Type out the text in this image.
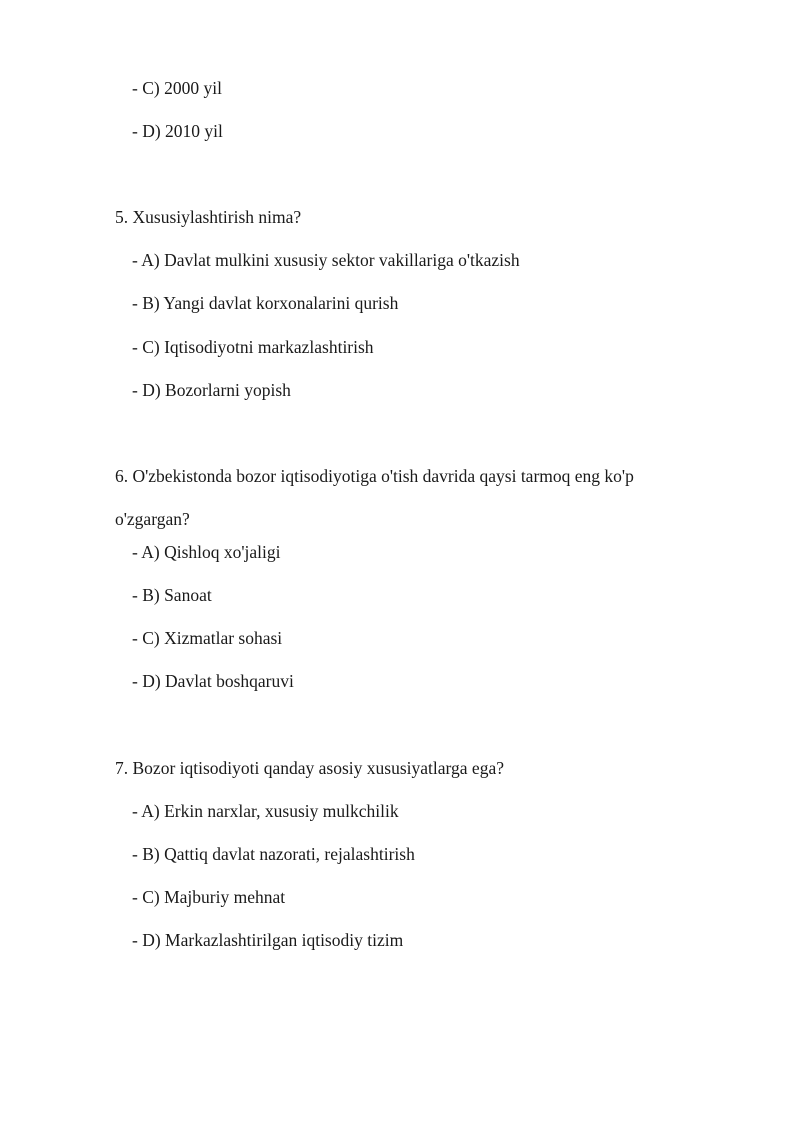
- C) 2000 yil
- D) 2010 yil
5. Xususiylashtirish nima?
- A) Davlat mulkini xususiy sektor vakillariga o'tkazish
- B) Yangi davlat korxonalarini qurish
- C) Iqtisodiyotni markazlashtirish
- D) Bozorlarni yopish
6. O'zbekistonda bozor iqtisodiyotiga o'tish davrida qaysi tarmoq eng ko'p o'zgargan?
- A) Qishloq xo'jaligi
- B) Sanoat
- C) Xizmatlar sohasi
- D) Davlat boshqaruvi
7. Bozor iqtisodiyoti qanday asosiy xususiyatlarga ega?
- A) Erkin narxlar, xususiy mulkchilik
- B) Qattiq davlat nazorati, rejalashtirish
- C) Majburiy mehnat
- D) Markazlashtirilgan iqtisodiy tizim
